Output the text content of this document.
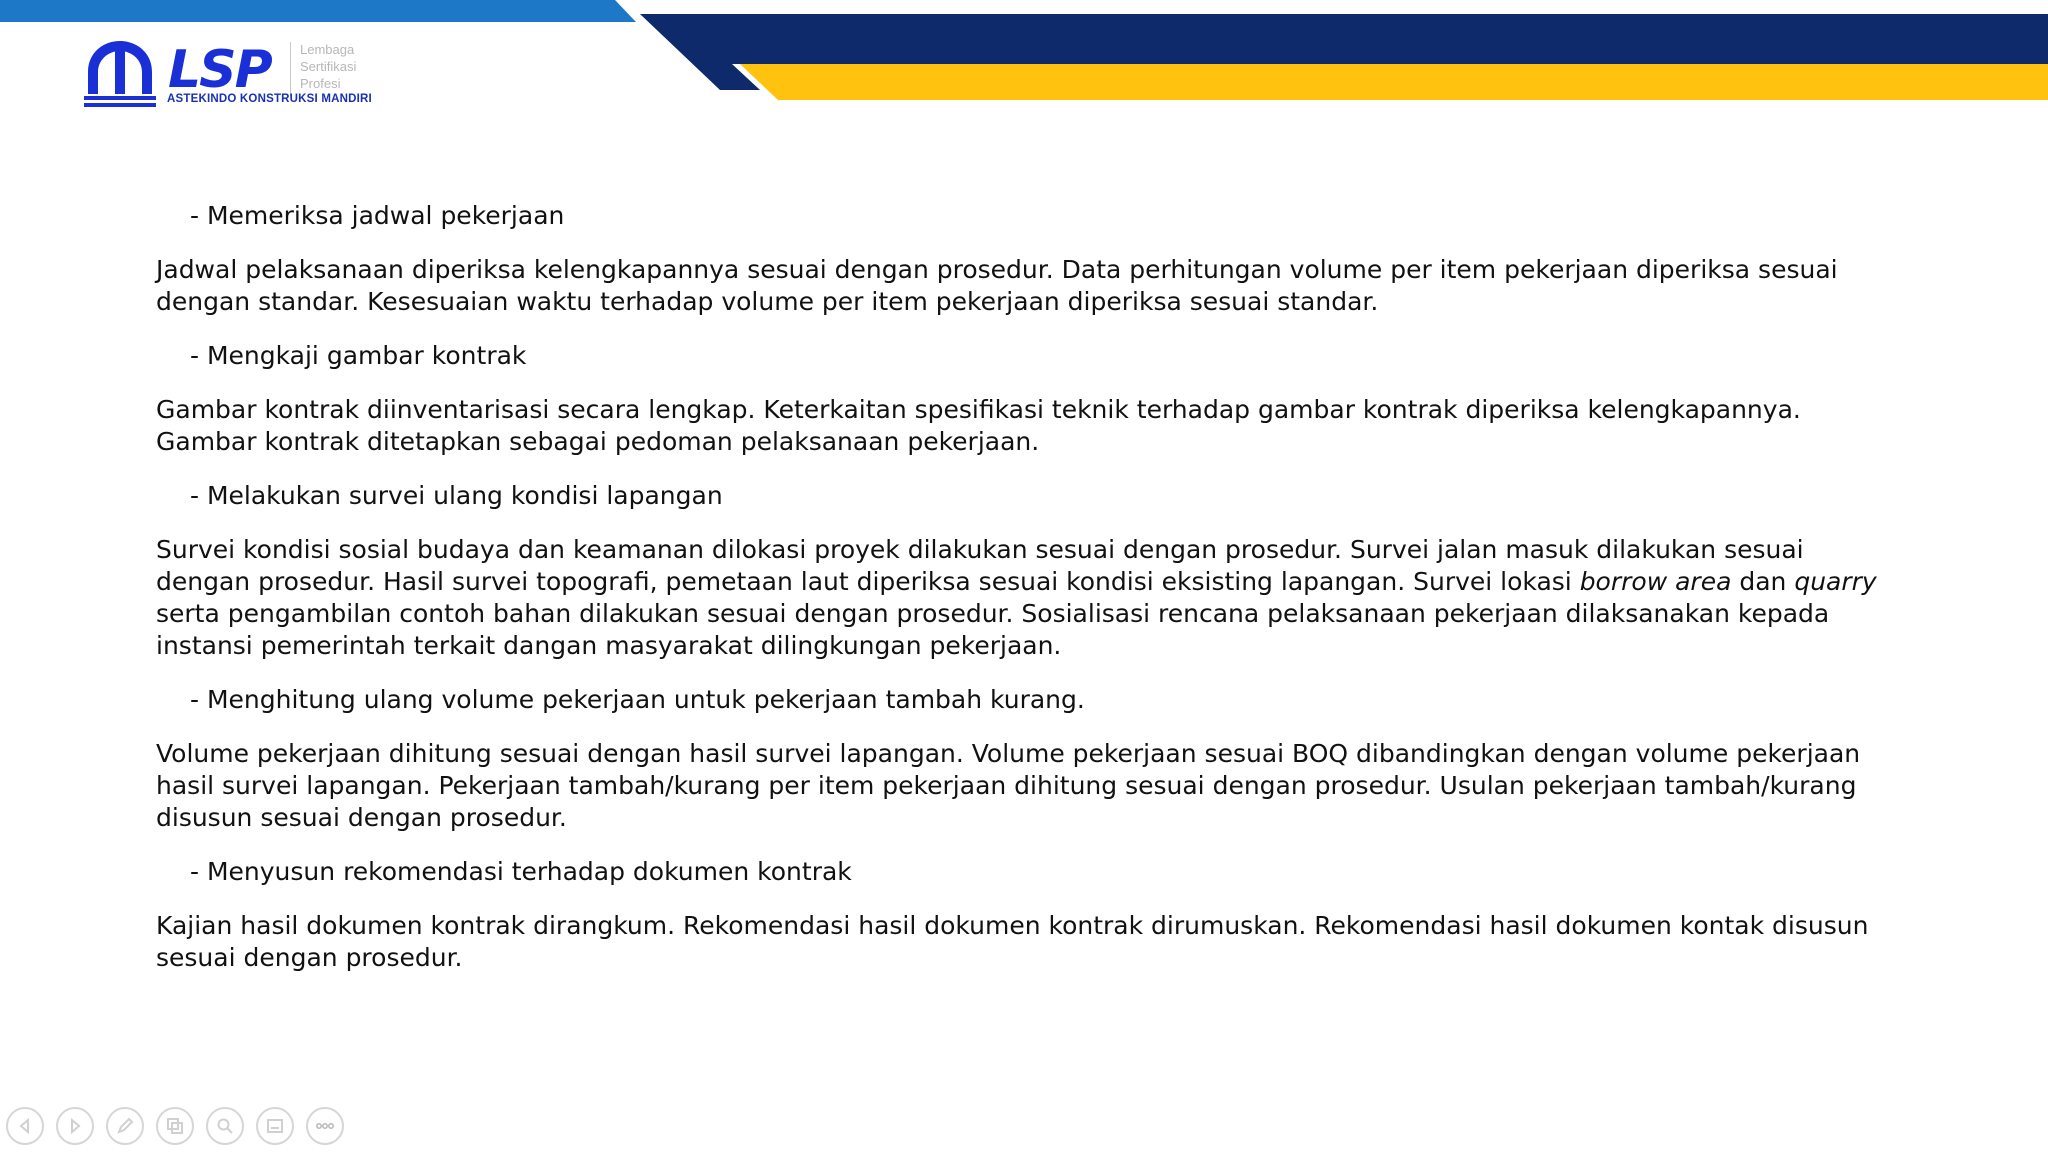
LSP Lembaga
Sertifikasi
Profesi
ASTEKINDO KONSTRUKSI MANDIRI

- Memeriksa jadwal pekerjaan

Jadwal pelaksanaan diperiksa kelengkapannya sesuai dengan prosedur. Data perhitungan volume per item pekerjaan diperiksa sesuai dengan standar. Kesesuaian waktu terhadap volume per item pekerjaan diperiksa sesuai standar.

- Mengkaji gambar kontrak

Gambar kontrak diinventarisasi secara lengkap. Keterkaitan spesifikasi teknik terhadap gambar kontrak diperiksa kelengkapannya. Gambar kontrak ditetapkan sebagai pedoman pelaksanaan pekerjaan.

- Melakukan survei ulang kondisi lapangan

Survei kondisi sosial budaya dan keamanan dilokasi proyek dilakukan sesuai dengan prosedur. Survei jalan masuk dilakukan sesuai dengan prosedur. Hasil survei topografi, pemetaan laut diperiksa sesuai kondisi eksisting lapangan. Survei lokasi borrow area dan quarry serta pengambilan contoh bahan dilakukan sesuai dengan prosedur. Sosialisasi rencana pelaksanaan pekerjaan dilaksanakan kepada instansi pemerintah terkait dangan masyarakat dilingkungan pekerjaan.

- Menghitung ulang volume pekerjaan untuk pekerjaan tambah kurang.

Volume pekerjaan dihitung sesuai dengan hasil survei lapangan. Volume pekerjaan sesuai BOQ dibandingkan dengan volume pekerjaan hasil survei lapangan. Pekerjaan tambah/kurang per item pekerjaan dihitung sesuai dengan prosedur. Usulan pekerjaan tambah/kurang disusun sesuai dengan prosedur.

- Menyusun rekomendasi terhadap dokumen kontrak

Kajian hasil dokumen kontrak dirangkum. Rekomendasi hasil dokumen kontrak dirumuskan. Rekomendasi hasil dokumen kontak disusun sesuai dengan prosedur.
